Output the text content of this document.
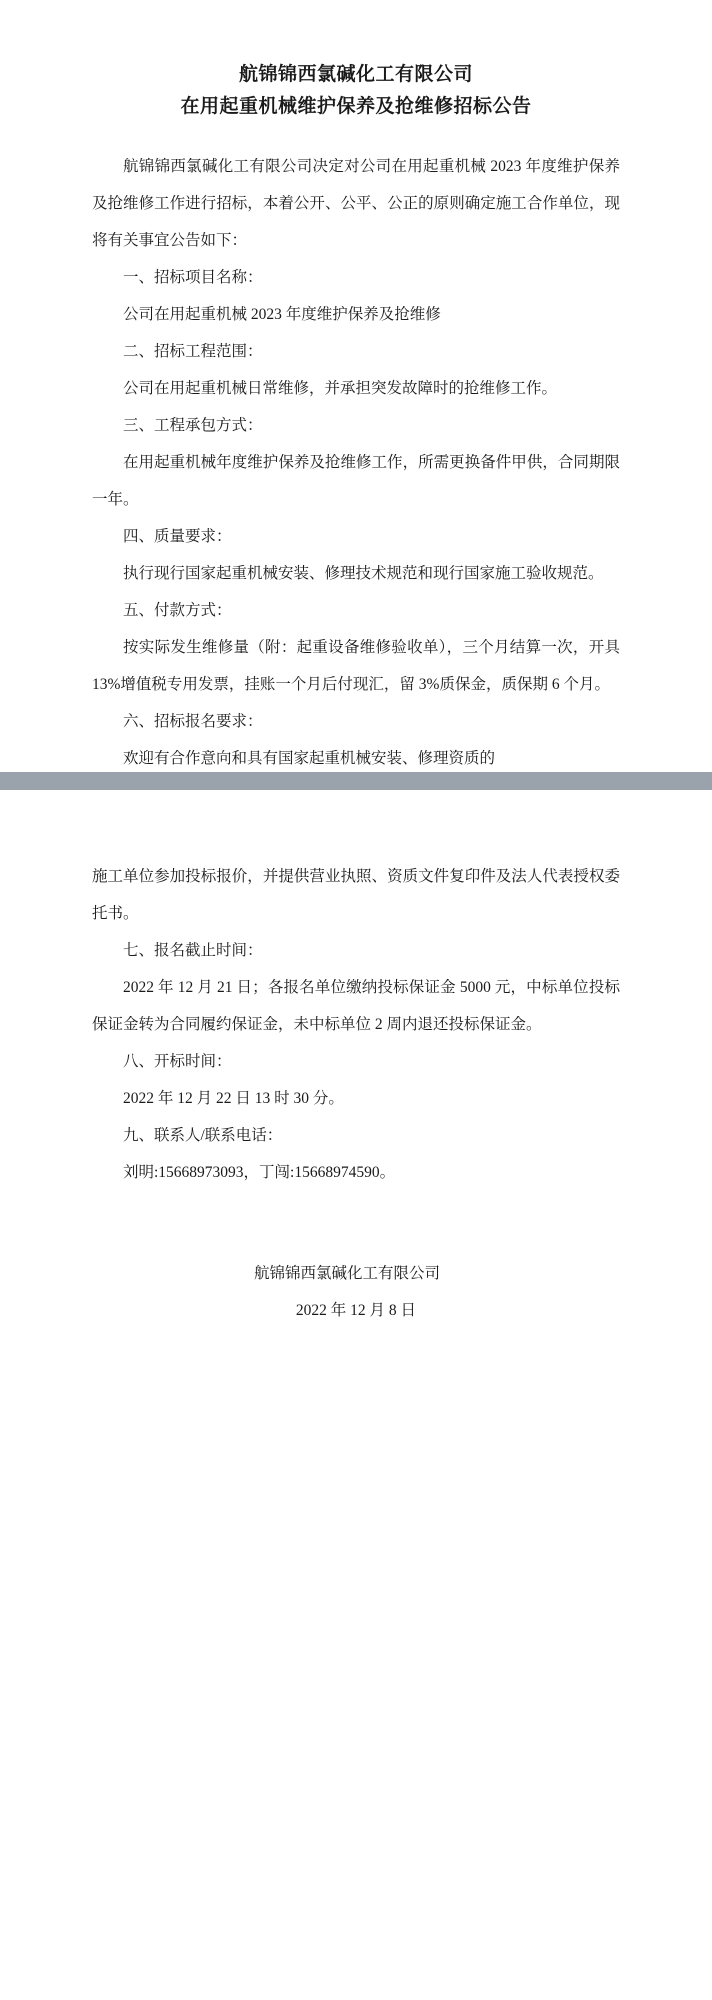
航锦锦西氯碱化工有限公司
在用起重机械维护保养及抢维修招标公告

航锦锦西氯碱化工有限公司决定对公司在用起重机械 2023 年度维护保养及抢维修工作进行招标，本着公开、公平、公正的原则确定施工合作单位，现将有关事宜公告如下：

一、招标项目名称：

公司在用起重机械 2023 年度维护保养及抢维修

二、招标工程范围：

公司在用起重机械日常维修，并承担突发故障时的抢维修工作。

三、工程承包方式：

在用起重机械年度维护保养及抢维修工作，所需更换备件甲供，合同期限一年。

四、质量要求：

执行现行国家起重机械安装、修理技术规范和现行国家施工验收规范。

五、付款方式：

按实际发生维修量（附：起重设备维修验收单），三个月结算一次，开具 13%增值税专用发票，挂账一个月后付现汇，留 3%质保金，质保期 6 个月。

六、招标报名要求：

欢迎有合作意向和具有国家起重机械安装、修理资质的

施工单位参加投标报价，并提供营业执照、资质文件复印件及法人代表授权委托书。

七、报名截止时间：

2022 年 12 月 21 日；各报名单位缴纳投标保证金 5000 元，中标单位投标保证金转为合同履约保证金，未中标单位 2 周内退还投标保证金。

八、开标时间：

2022 年 12 月 22 日 13 时 30 分。

九、联系人/联系电话：

刘明:15668973093，丁闯:15668974590。

航锦锦西氯碱化工有限公司
2022 年 12 月 8 日
